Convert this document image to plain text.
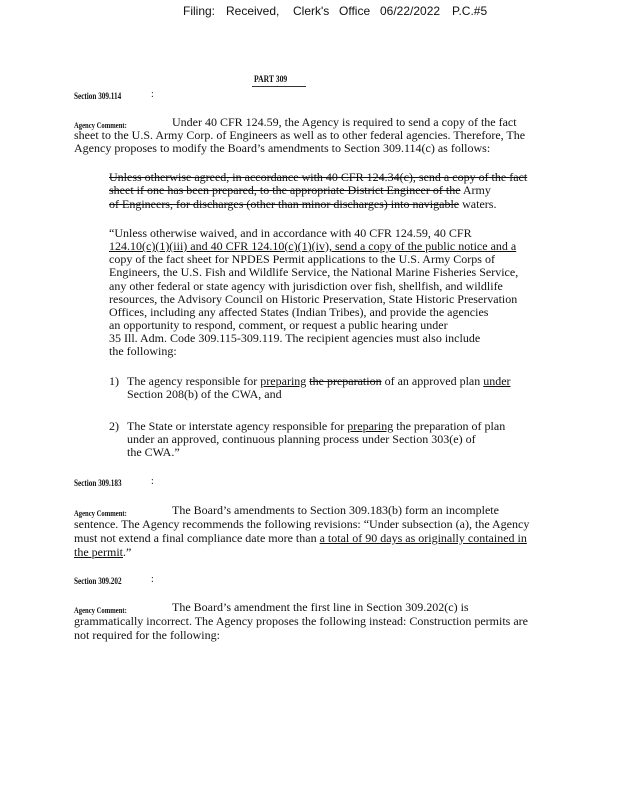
Filing: Received, Clerk's Office 06/22/2022 P.C.#5
PART 309
Section 309.114	:
Agency Comment:	Under 40 CFR 124.59, the Agency is required to send a copy of the fact
sheet to the U.S. Army Corp. of Engineers as well as to other federal agencies. Therefore, The
Agency proposes to modify the Board’s amendments to Section 309.114(c) as follows:
Unless otherwise agreed, in accordance with 40 CFR 124.34(c), send a copy of the fact
sheet if one has been prepared, to the appropriate District Engineer of the Army
of Engineers, for discharges (other than minor discharges) into navigable waters.
“Unless otherwise waived, and in accordance with 40 CFR 124.59, 40 CFR
124.10(c)(1)(iii) and 40 CFR 124.10(c)(1)(iv), send a copy of the public notice and a
copy of the fact sheet for NPDES Permit applications to the U.S. Army Corps of
Engineers, the U.S. Fish and Wildlife Service, the National Marine Fisheries Service,
any other federal or state agency with jurisdiction over fish, shellfish, and wildlife
resources, the Advisory Council on Historic Preservation, State Historic Preservation
Offices, including any affected States (Indian Tribes), and provide the agencies
an opportunity to respond, comment, or request a public hearing under
35 Ill. Adm. Code 309.115-309.119. The recipient agencies must also include
the following:
1) The agency responsible for preparing the preparation of an approved plan under
Section 208(b) of the CWA, and
2) The State or interstate agency responsible for preparing the preparation of plan
under an approved, continuous planning process under Section 303(e) of
the CWA.”
Section 309.183	:
Agency Comment:	The Board’s amendments to Section 309.183(b) form an incomplete
sentence. The Agency recommends the following revisions: “Under subsection (a), the Agency
must not extend a final compliance date more than a total of 90 days as originally contained in
the permit.”
Section 309.202	:
Agency Comment:	The Board’s amendment the first line in Section 309.202(c) is
grammatically incorrect. The Agency proposes the following instead: Construction permits are
not required for the following:
